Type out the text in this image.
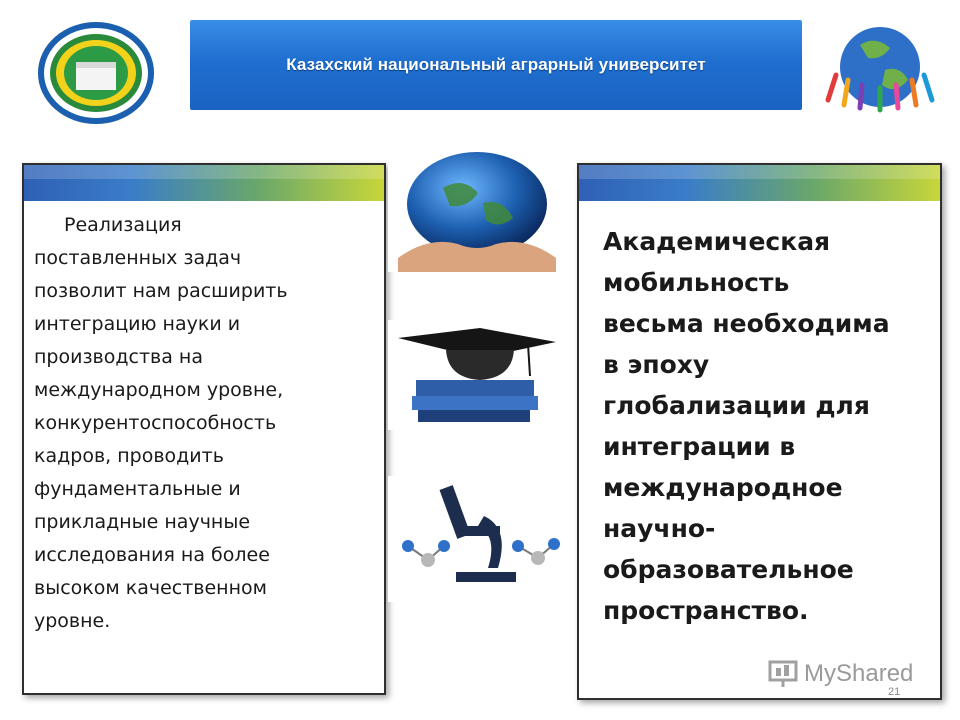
Казахский национальный аграрный университет
Реализация
поставленных задач
позволит нам расширить
интеграцию науки и
производства на
международном уровне,
конкурентоспособность
кадров, проводить
фундаментальные и
прикладные научные
исследования на более
высоком качественном
уровне.
Академическая
мобильность
весьма необходима
в эпоху
глобализации для
интеграции в
международное
научно-
образовательное
пространство.
MyShared
21
